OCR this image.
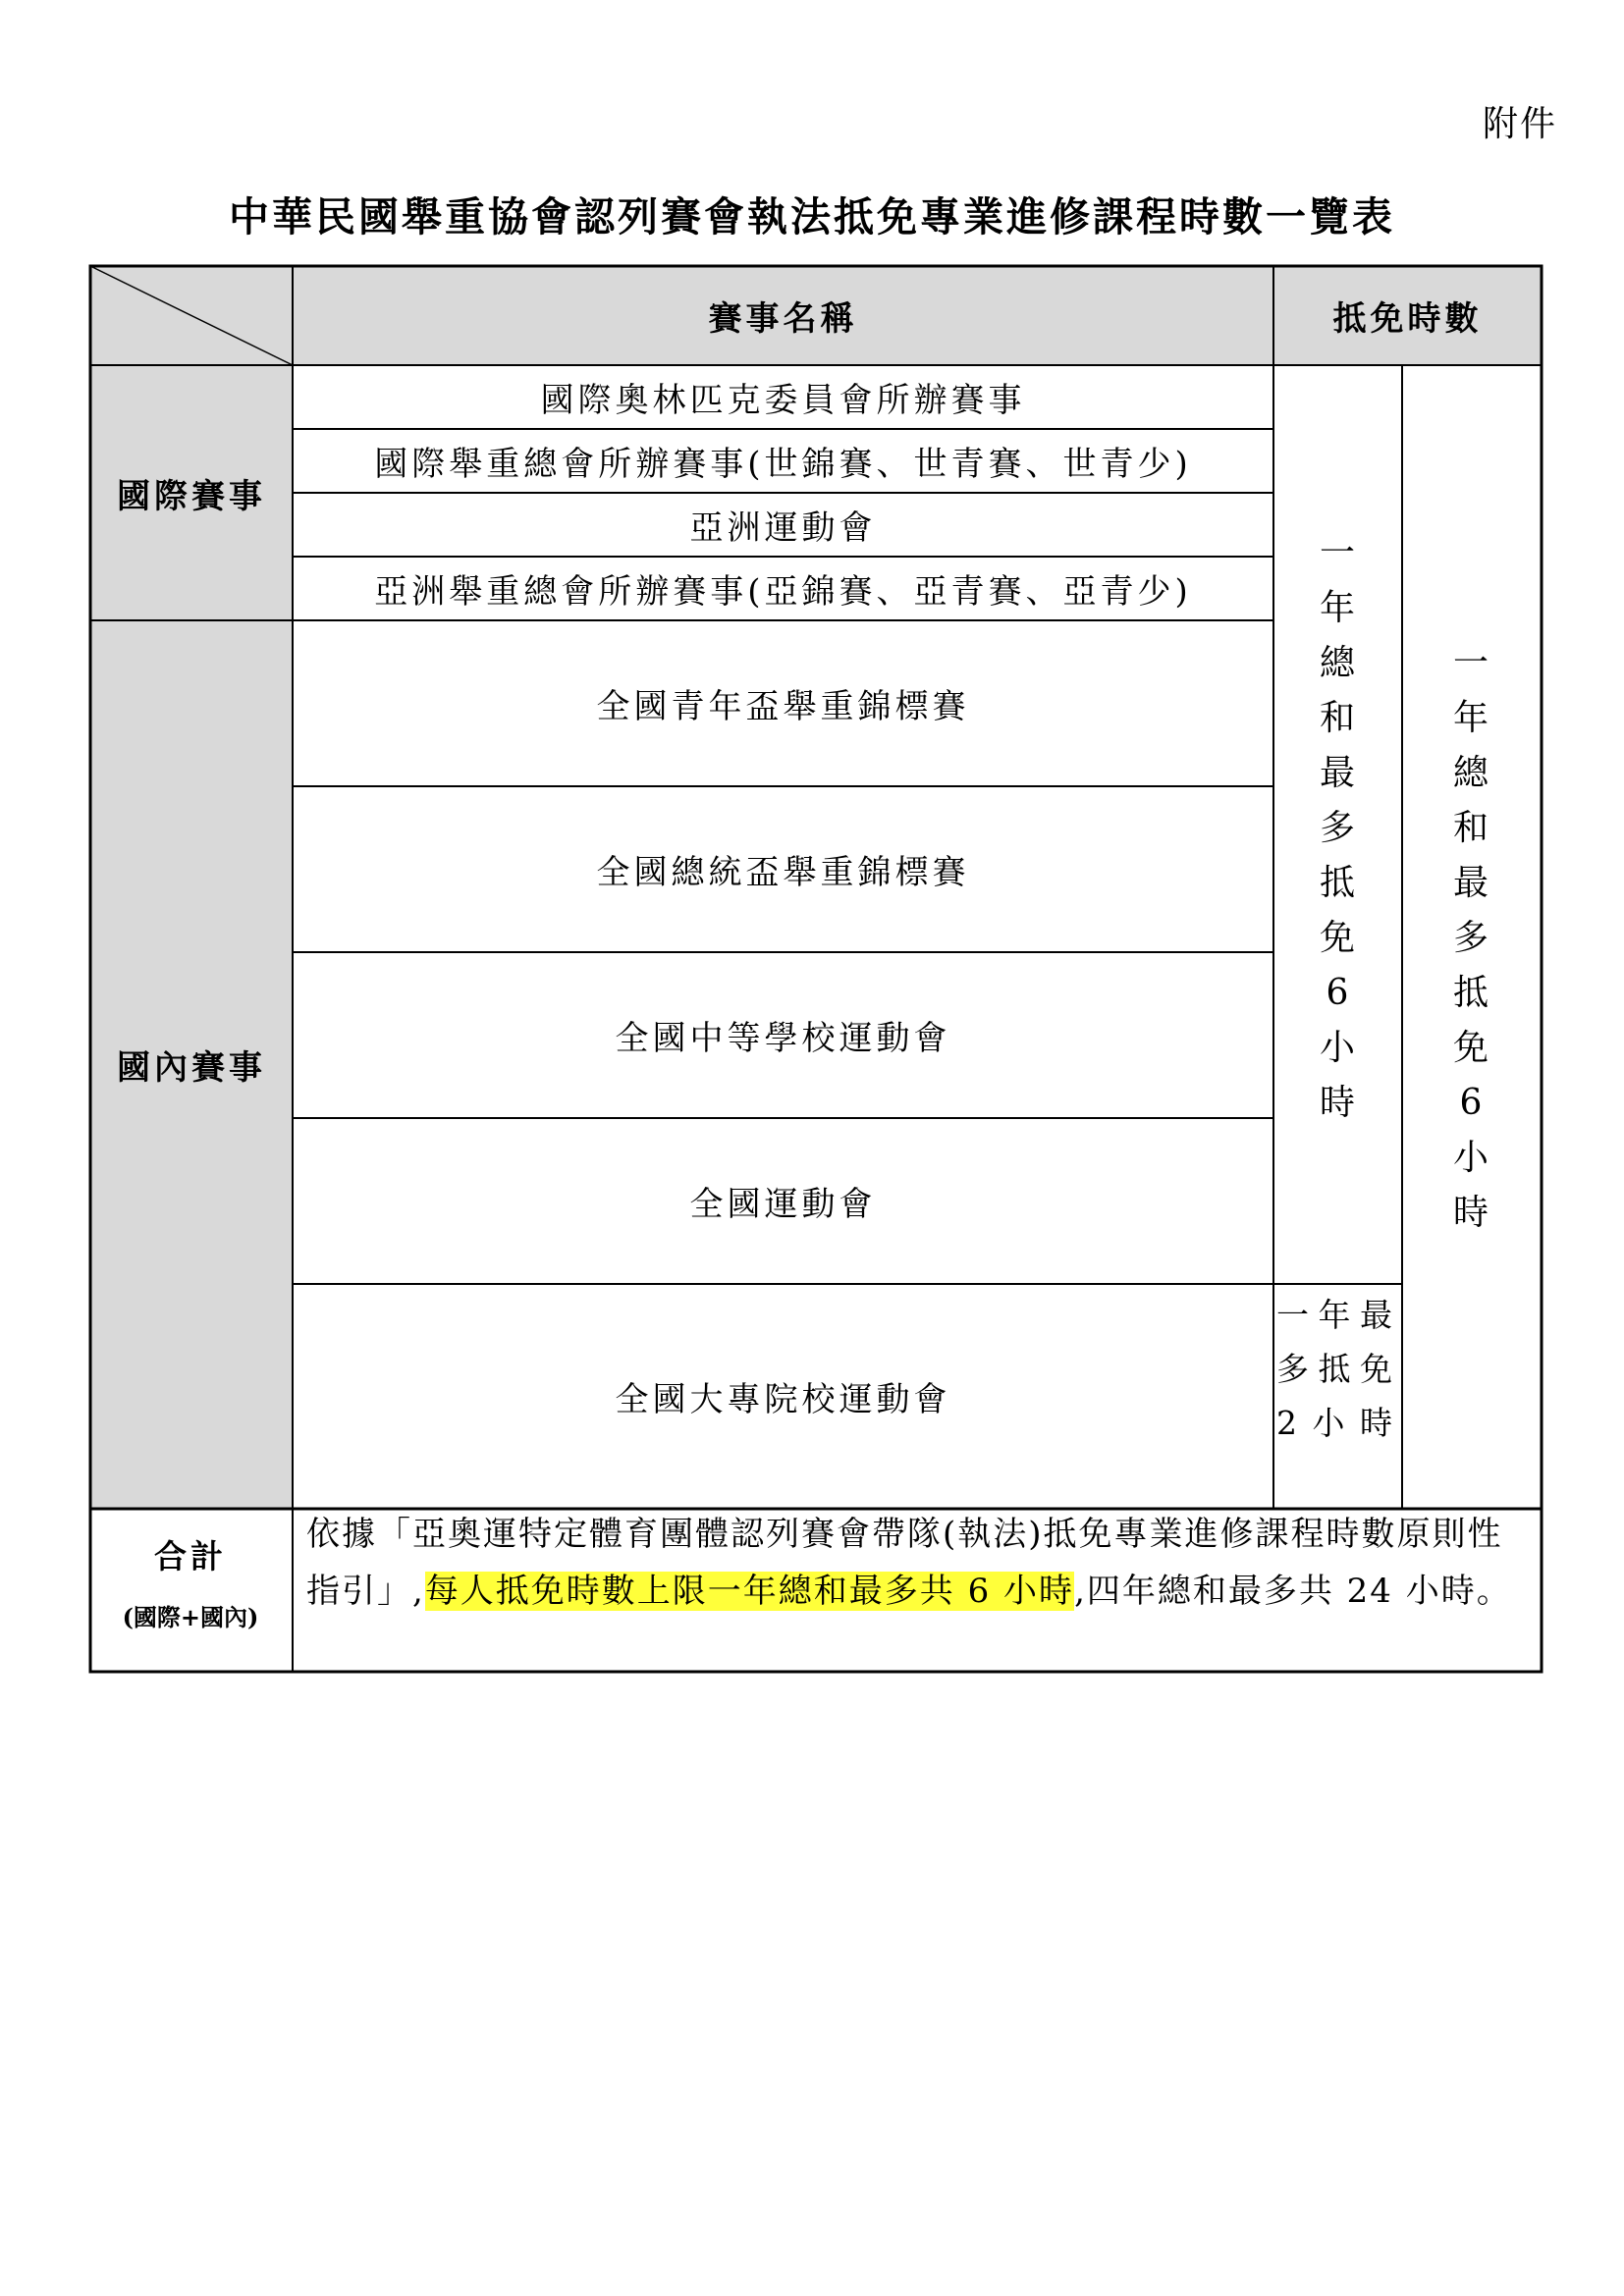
附件
中華民國舉重協會認列賽會執法抵免專業進修課程時數一覽表
賽事名稱	抵免時數
國際賽事
國內賽事
國際奧林匹克委員會所辦賽事
國際舉重總會所辦賽事(世錦賽、世青賽、世青少)
亞洲運動會
亞洲舉重總會所辦賽事(亞錦賽、亞青賽、亞青少)
全國青年盃舉重錦標賽
全國總統盃舉重錦標賽
全國中等學校運動會
全國運動會
全國大專院校運動會
一年總和最多抵免6小時
一年總和最多抵免6小時
一年最多抵免2小時
合計
(國際+國內)
依據「亞奧運特定體育團體認列賽會帶隊(執法)抵免專業進修課程時數原則性指引」,每人抵免時數上限一年總和最多共 6 小時,四年總和最多共 24 小時。
